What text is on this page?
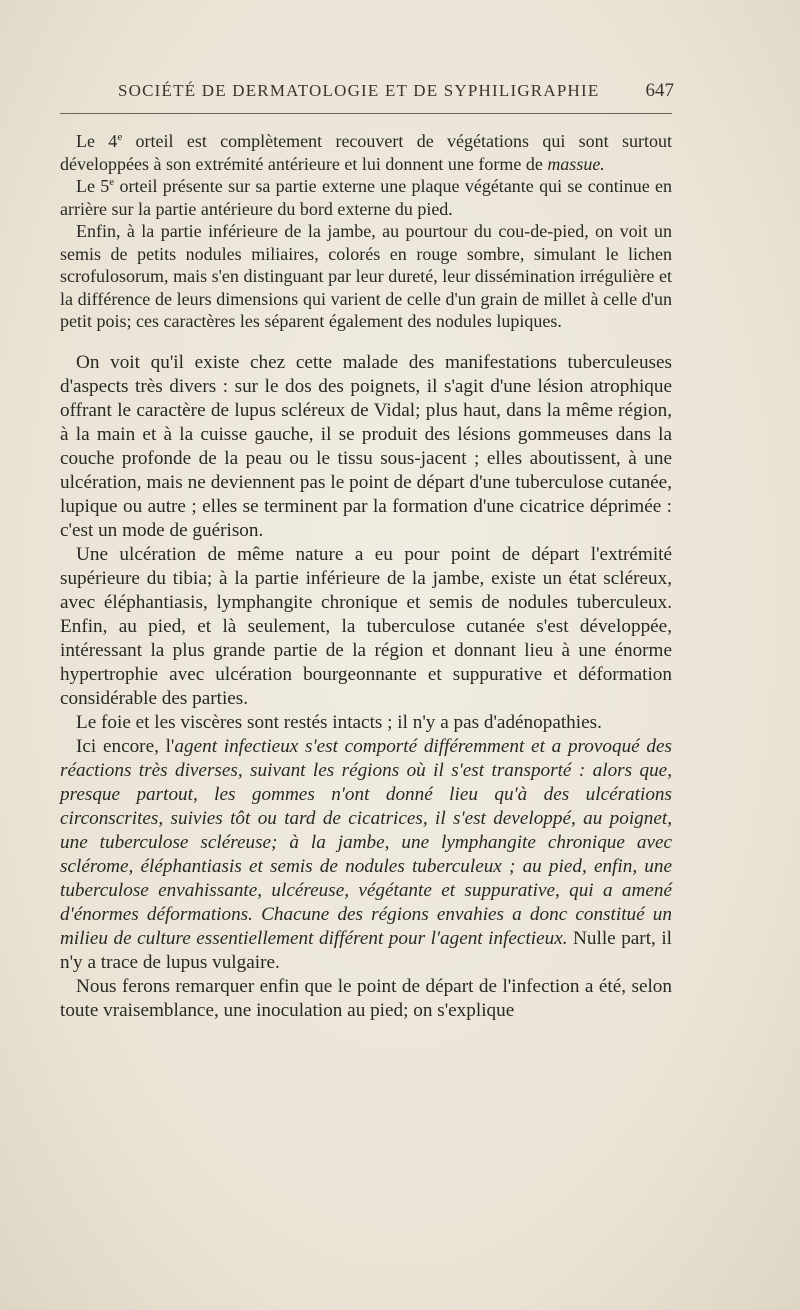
SOCIÉTÉ DE DERMATOLOGIE ET DE SYPHILIGRAPHIE 647

Le 4e orteil est complètement recouvert de végétations qui sont surtout développées à son extrémité antérieure et lui donnent une forme de massue.

Le 5e orteil présente sur sa partie externe une plaque végétante qui se continue en arrière sur la partie antérieure du bord externe du pied.

Enfin, à la partie inférieure de la jambe, au pourtour du cou-de-pied, on voit un semis de petits nodules miliaires, colorés en rouge sombre, simulant le lichen scrofulosorum, mais s'en distinguant par leur dureté, leur dissémination irrégulière et la différence de leurs dimensions qui varient de celle d'un grain de millet à celle d'un petit pois; ces caractères les séparent également des nodules lupiques.

On voit qu'il existe chez cette malade des manifestations tuberculeuses d'aspects très divers : sur le dos des poignets, il s'agit d'une lésion atrophique offrant le caractère de lupus scléreux de Vidal; plus haut, dans la même région, à la main et à la cuisse gauche, il se produit des lésions gommeuses dans la couche profonde de la peau ou le tissu sous-jacent ; elles aboutissent, à une ulcération, mais ne deviennent pas le point de départ d'une tuberculose cutanée, lupique ou autre ; elles se terminent par la formation d'une cicatrice déprimée : c'est un mode de guérison.

Une ulcération de même nature a eu pour point de départ l'extrémité supérieure du tibia; à la partie inférieure de la jambe, existe un état scléreux, avec éléphantiasis, lymphangite chronique et semis de nodules tuberculeux. Enfin, au pied, et là seulement, la tuberculose cutanée s'est développée, intéressant la plus grande partie de la région et donnant lieu à une énorme hypertrophie avec ulcération bourgeonnante et suppurative et déformation considérable des parties.

Le foie et les viscères sont restés intacts ; il n'y a pas d'adénopathies.

Ici encore, l'agent infectieux s'est comporté différemment et a provoqué des réactions très diverses, suivant les régions où il s'est transporté : alors que, presque partout, les gommes n'ont donné lieu qu'à des ulcérations circonscrites, suivies tôt ou tard de cicatrices, il s'est developpé, au poignet, une tuberculose scléreuse; à la jambe, une lymphangite chronique avec sclérome, éléphantiasis et semis de nodules tuberculeux ; au pied, enfin, une tuberculose envahissante, ulcéreuse, végétante et suppurative, qui a amené d'énormes déformations. Chacune des régions envahies a donc constitué un milieu de culture essentiellement différent pour l'agent infectieux. Nulle part, il n'y a trace de lupus vulgaire.

Nous ferons remarquer enfin que le point de départ de l'infection a été, selon toute vraisemblance, une inoculation au pied; on s'explique
